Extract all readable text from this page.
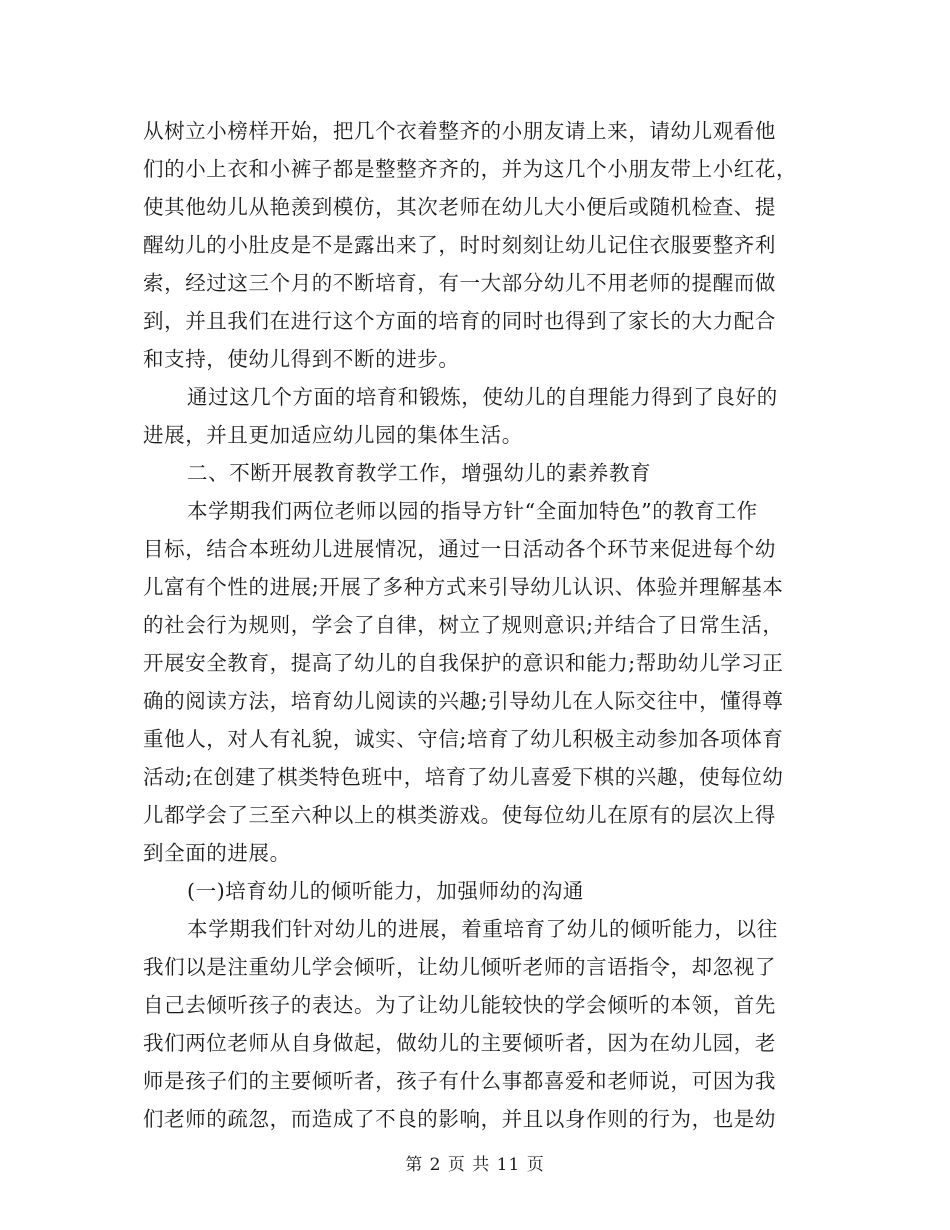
从树立小榜样开始，把几个衣着整齐的小朋友请上来，请幼儿观看他
们的小上衣和小裤子都是整整齐齐的，并为这几个小朋友带上小红花，
使其他幼儿从艳羡到模仿，其次老师在幼儿大小便后或随机检查、提
醒幼儿的小肚皮是不是露出来了，时时刻刻让幼儿记住衣服要整齐利
索，经过这三个月的不断培育，有一大部分幼儿不用老师的提醒而做
到，并且我们在进行这个方面的培育的同时也得到了家长的大力配合
和支持，使幼儿得到不断的进步。
通过这几个方面的培育和锻炼，使幼儿的自理能力得到了良好的
进展，并且更加适应幼儿园的集体生活。
二、不断开展教育教学工作，增强幼儿的素养教育
本学期我们两位老师以园的指导方针“全面加特色”的教育工作
目标，结合本班幼儿进展情况，通过一日活动各个环节来促进每个幼
儿富有个性的进展;开展了多种方式来引导幼儿认识、体验并理解基本
的社会行为规则，学会了自律，树立了规则意识;并结合了日常生活，
开展安全教育，提高了幼儿的自我保护的意识和能力;帮助幼儿学习正
确的阅读方法，培育幼儿阅读的兴趣;引导幼儿在人际交往中，懂得尊
重他人，对人有礼貌，诚实、守信;培育了幼儿积极主动参加各项体育
活动;在创建了棋类特色班中，培育了幼儿喜爱下棋的兴趣，使每位幼
儿都学会了三至六种以上的棋类游戏。使每位幼儿在原有的层次上得
到全面的进展。
(一)培育幼儿的倾听能力，加强师幼的沟通
本学期我们针对幼儿的进展，着重培育了幼儿的倾听能力，以往
我们以是注重幼儿学会倾听，让幼儿倾听老师的言语指令，却忽视了
自己去倾听孩子的表达。为了让幼儿能较快的学会倾听的本领，首先
我们两位老师从自身做起，做幼儿的主要倾听者，因为在幼儿园，老
师是孩子们的主要倾听者，孩子有什么事都喜爱和老师说，可因为我
们老师的疏忽，而造成了不良的影响，并且以身作则的行为，也是幼
第 2 页 共 11 页
